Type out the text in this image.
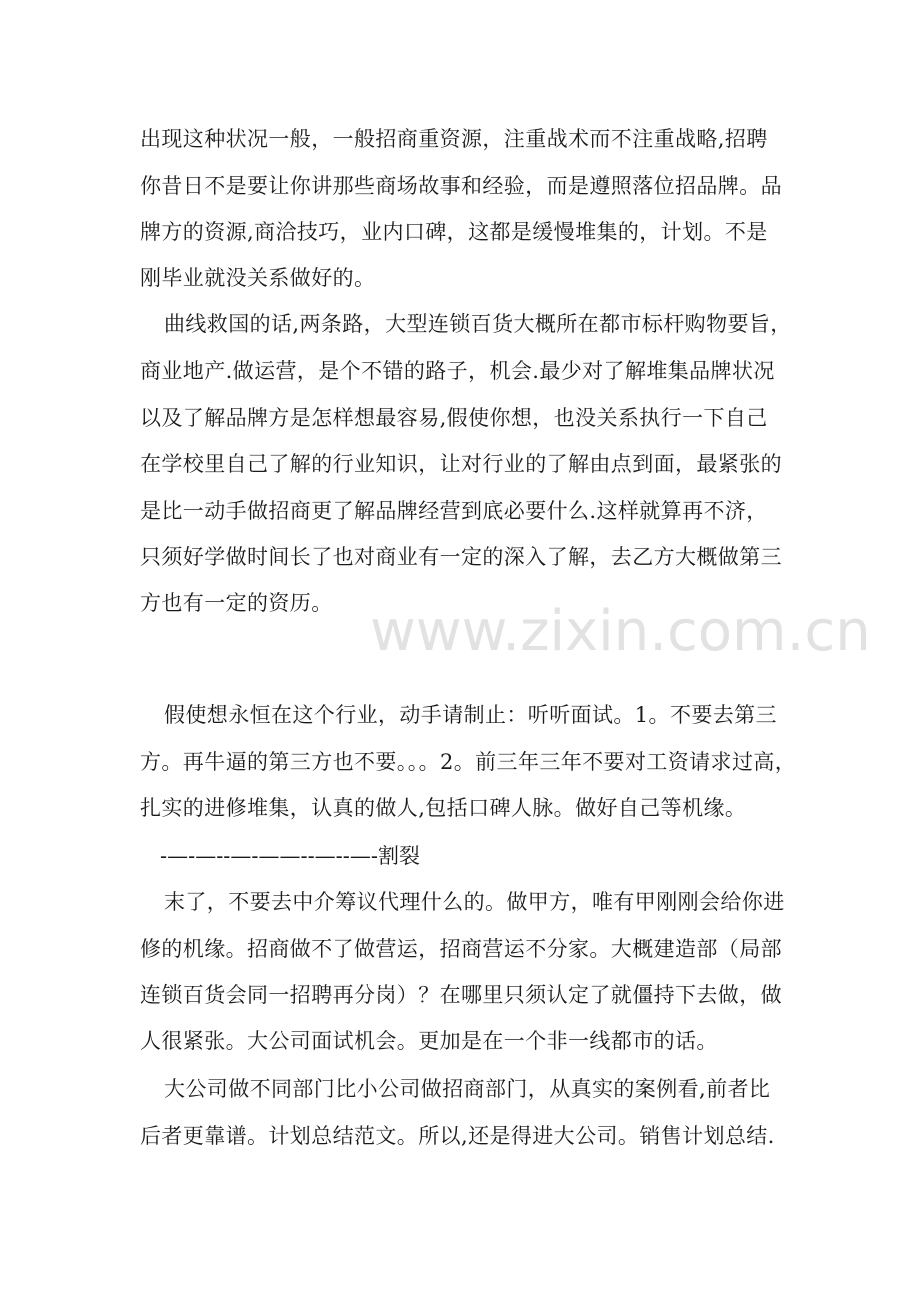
出现这种状况一般，一般招商重资源，注重战术而不注重战略,招聘
你昔日不是要让你讲那些商场故事和经验，而是遵照落位招品牌。品
牌方的资源,商洽技巧，业内口碑，这都是缓慢堆集的，计划。不是
刚毕业就没关系做好的。
曲线救国的话,两条路，大型连锁百货大概所在都市标杆购物要旨，
商业地产.做运营，是个不错的路子，机会.最少对了解堆集品牌状况
以及了解品牌方是怎样想最容易,假使你想，也没关系执行一下自己
在学校里自己了解的行业知识，让对行业的了解由点到面，最紧张的
是比一动手做招商更了解品牌经营到底必要什么.这样就算再不济，
只须好学做时间长了也对商业有一定的深入了解，去乙方大概做第三
方也有一定的资历。
假使想永恒在这个行业，动手请制止：听听面试。1。不要去第三
方。再牛逼的第三方也不要。。。2。前三年三年不要对工资请求过高，
扎实的进修堆集，认真的做人,包括口碑人脉。做好自己等机缘。
-—-—--—-——--—--—-割裂
末了，不要去中介筹议代理什么的。做甲方，唯有甲刚刚会给你进
修的机缘。招商做不了做营运，招商营运不分家。大概建造部（局部
连锁百货会同一招聘再分岗）？在哪里只须认定了就僵持下去做，做
人很紧张。大公司面试机会。更加是在一个非一线都市的话。
大公司做不同部门比小公司做招商部门，从真实的案例看,前者比
后者更靠谱。计划总结范文。所以,还是得进大公司。销售计划总结.
www.zixin.com.cn
